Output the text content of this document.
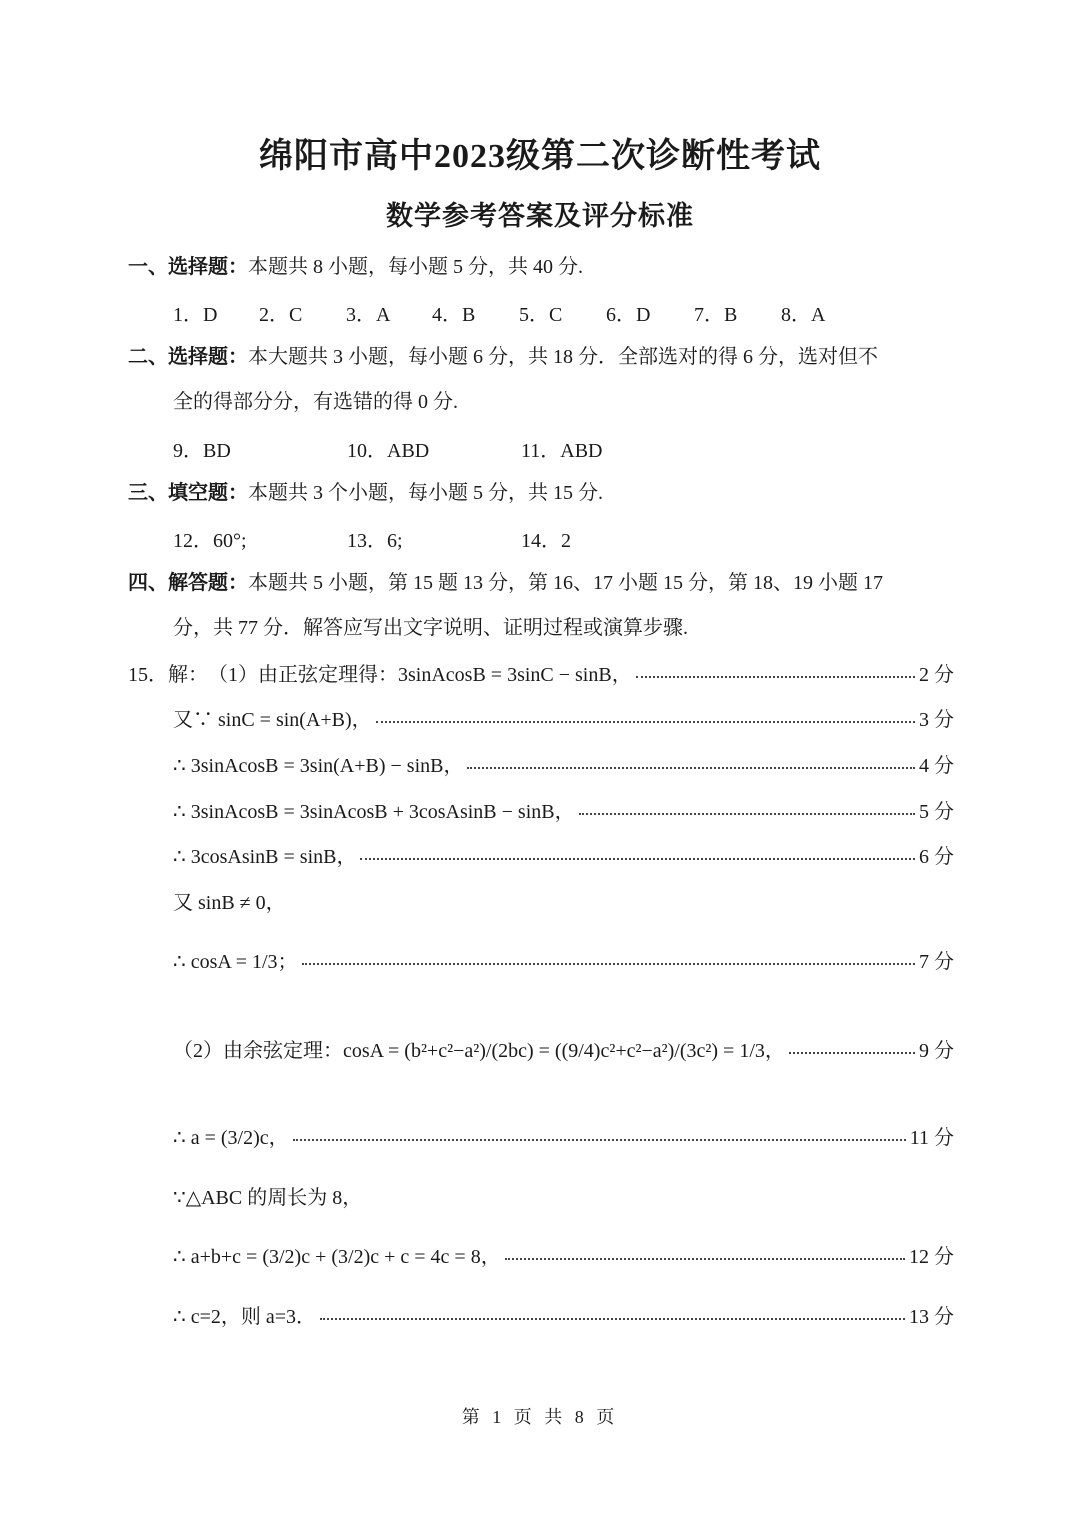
绵阳市高中2023级第二次诊断性考试
数学参考答案及评分标准
一、选择题：本题共 8 小题，每小题 5 分，共 40 分.
1．D 2．C 3．A 4．B 5．C 6．D 7．B 8．A
二、选择题：本大题共 3 小题，每小题 6 分，共 18 分．全部选对的得 6 分，选对但不
全的得部分分，有选错的得 0 分.
9．BD	10．ABD	11．ABD
三、填空题：本题共 3 个小题，每小题 5 分，共 15 分.
12．60°;	13．6;	14．2
四、解答题：本题共 5 小题，第 15 题 13 分，第 16、17 小题 15 分，第 18、19 小题 17
分，共 77 分．解答应写出文字说明、证明过程或演算步骤.
15．解： （1）由正弦定理得： 3sinAcosB = 3sinC − sinB，	2 分
又∵ sinC = sin(A+B)，	3 分
∴ 3sinAcosB = 3sin(A+B) − sinB，	4 分
∴ 3sinAcosB = 3sinAcosB + 3cosAsinB − sinB，	5 分
∴ 3cosAsinB = sinB，	6 分
又 sinB ≠ 0，
∴ cosA = 1/3；	7 分
（2）由余弦定理： cosA = (b²+c²−a²)/(2bc) = ((9/4)c²+c²−a²)/(3c²) = 1/3，	9 分
∴ a = (3/2)c，	11 分
∵△ABC 的周长为 8，
∴ a+b+c = (3/2)c + (3/2)c + c = 4c = 8，	12 分
∴ c=2，则 a=3．	13 分
第 1 页 共 8 页
